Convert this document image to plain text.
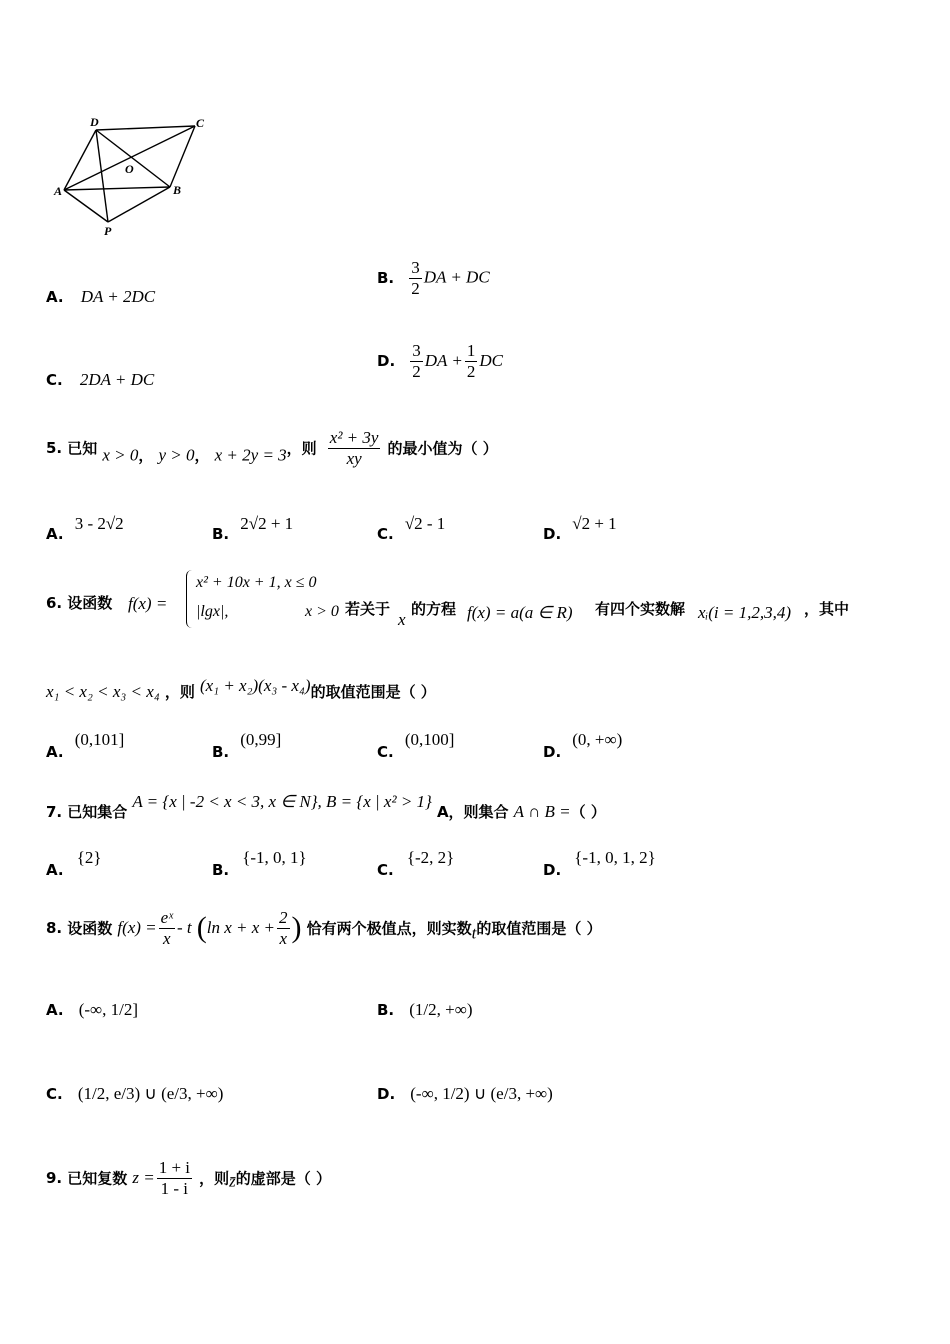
D	C
O
A	B
P
A. DA + 2DC
B. $\frac{3}{2}$ DA + DC
C. 2DA + DC
D. $\frac{3}{2}$ DA + $\frac{1}{2}$ DC
5. 已知 x > 0， y > 0， x + 2y = 3，则 $\frac{\text{x² + 3y}}{xy}$ 的最小值为（ ）
A. 3 - 2√2
B. 2√2 + 1
C. √2 - 1
D. √2 + 1
6. 设函数 f(x) =
x² + 10x + 1, x ≤ 0
|lgx|,	x > 0 若关于
x
的方程 f(x) = a(a ∈ R) 有四个实数解 xᵢ(i = 1,2,3,4) ，其中
x₁ < x₂ < x₃ < x₄ ，则 (x₁ + x₂)(x₃ - x₄)的取值范围是（ ）
A. (0,101]
B. (0,99]
C. (0,100]
D. (0, +∞)
7. 已知集合 A = {x | -2 < x < 3, x ∈ N}, B = {x | x² > 1} A，则集合 A ∩ B =（ ）
A. {2}
B. {-1, 0, 1}
C. {-2, 2}
D. {-1, 0, 1, 2}
8. 设函数 $f(x) = \frac{\text{eˣ}}{x} - t$ (ln $x + x + \frac{2}{x}$ ) 恰有两个极值点，则实数t的取值范围是（ ）
A. (-∞, 1/2]	B. (1/2, +∞)
C. (1/2, e/3) ∪ (e/3, +∞)	D. (-∞, 1/2) ∪ (e/3, +∞)
9. 已知复数 $z = \frac{1 + i}{1 - i}$ ，则z̄的虚部是（ ）
